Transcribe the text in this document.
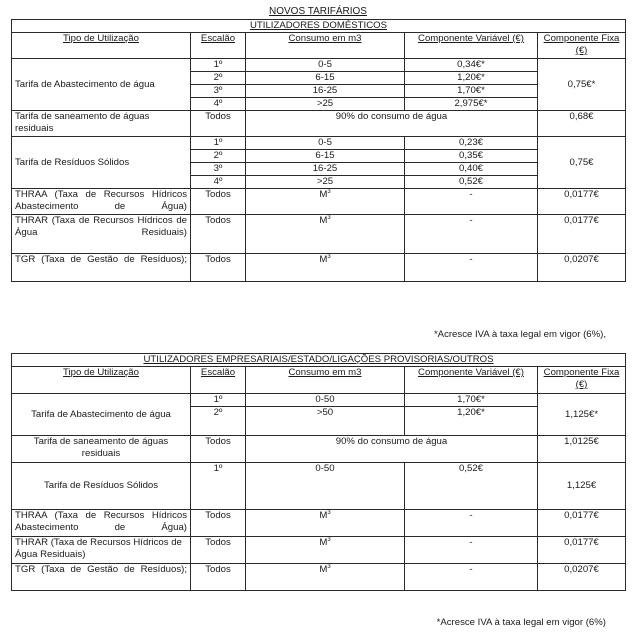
NOVOS TARIFÁRIOS
UTILIZADORES DOMÉSTICOS				
Tipo de Utilização	Escalão	Consumo em m3	Componente Variável (€)	Componente Fixa (€)
Tarifa de Abastecimento de água	1º	0-5	0,34€*	0,75€*
	2º	6-15	1,20€*	
	3º	16-25	1,70€*	
	4º	>25	2,975€*	
Tarifa de saneamento de águas residuais	Todos	90% do consumo de água		0,68€
Tarifa de Resíduos Sólidos	1º	0-5	0,23€	0,75€
	2º	6-15	0,35€	
	3º	16-25	0,40€	
	4º	>25	0,52€	
THRAA (Taxa de Recursos Hídricos Abastecimento de Água)	Todos	$M^3$	-	0,0177€
THRAR (Taxa de Recursos Hídricos de Água Residuais)	Todos	$M^3$	-	0,0177€
TGR (Taxa de Gestão de Resíduos);	Todos	$M^3$	-	0,0207€
*Acresce IVA à taxa legal em vigor (6%),
UTILIZADORES EMPRESARIAIS/ESTADO/LIGAÇÕES PROVISORIAS/OUTROS				
Tipo de Utilização	Escalão	Consumo em m3	Componente Variável (€)	Componente Fixa (€)
Tarifa de Abastecimento de água	1º	0-50	1,70€*	1,125€*
	2º	>50	1,20€*	
Tarifa de saneamento de águas residuais	Todos	90% do consumo de água		1,0125€
Tarifa de Resíduos Sólidos	1º	0-50	0,52€	1,125€
THRAA (Taxa de Recursos Hídricos Abastecimento de Água)	Todos	$M^3$	-	0,0177€
THRAR (Taxa de Recursos Hídricos de Água Residuais)	Todos	$M^3$	-	0,0177€
TGR (Taxa de Gestão de Resíduos);	Todos	$M^3$	-	0,0207€
*Acresce IVA à taxa legal em vigor (6%)
